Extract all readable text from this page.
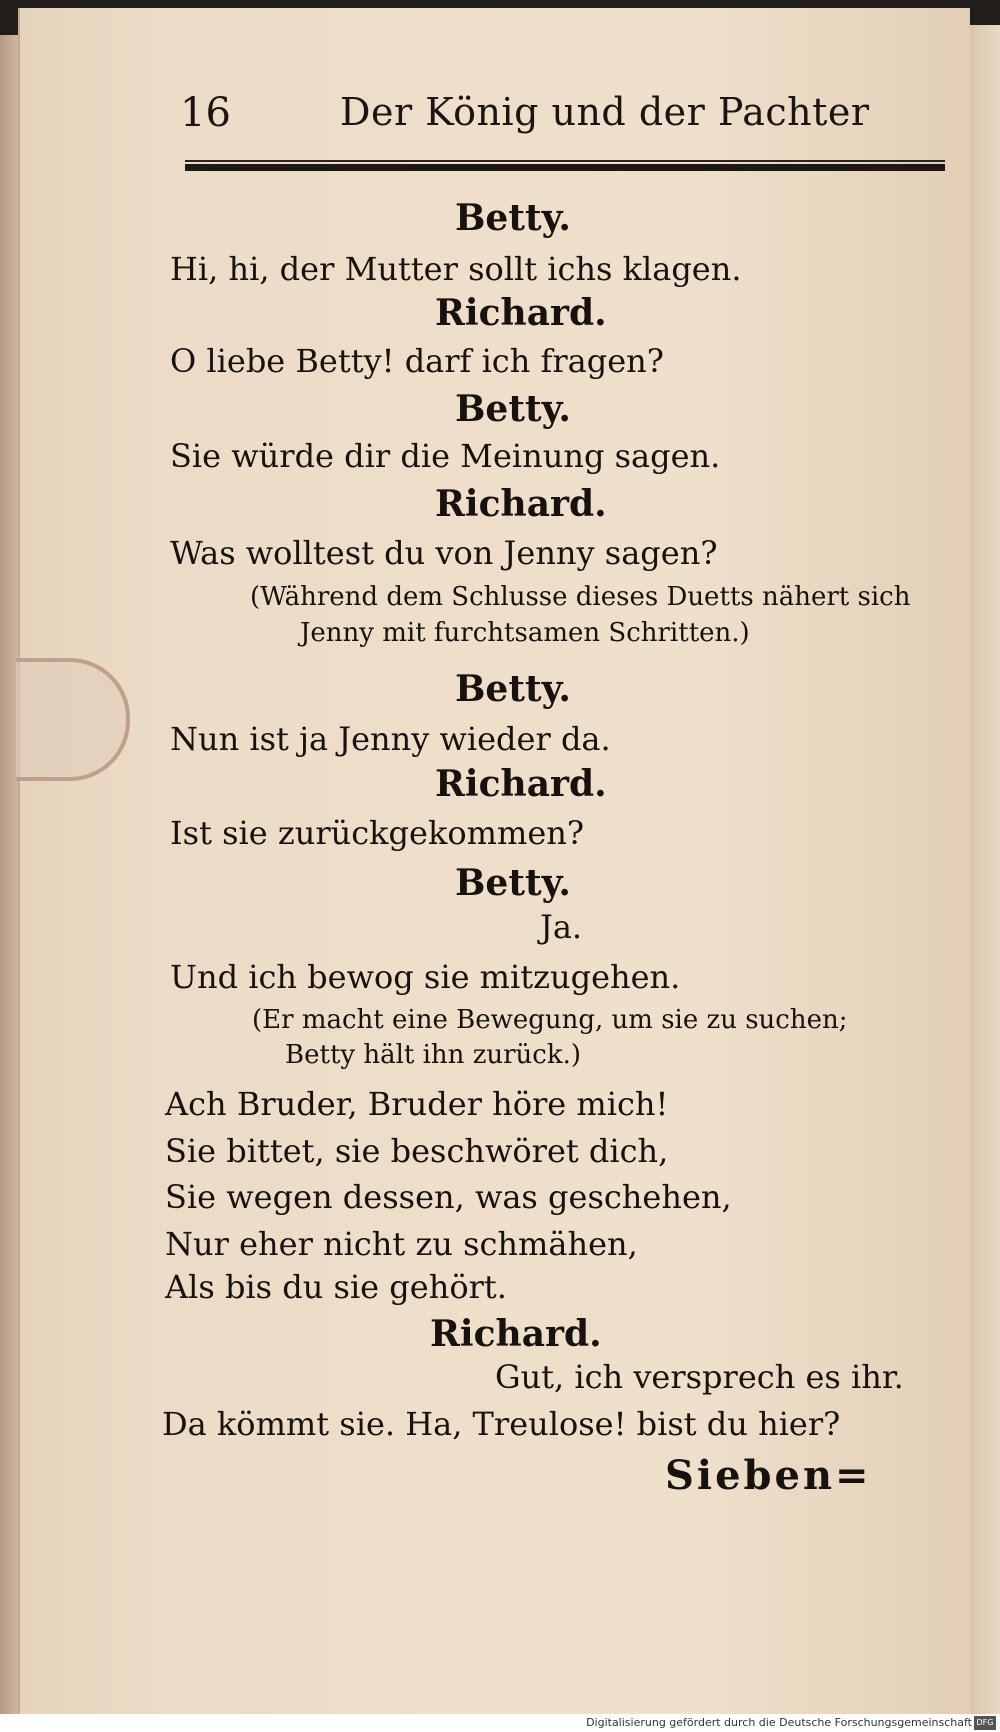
16	Der König und der Pachter
Betty.
Hi, hi, der Mutter sollt ichs klagen.
Richard.
O liebe Betty! darf ich fragen?
Betty.
Sie würde dir die Meinung sagen.
Richard.
Was wolltest du von Jenny sagen?
(Während dem Schlusse dieses Duetts nähert sich
Jenny mit furchtsamen Schritten.)
Betty.
Nun ist ja Jenny wieder da.
Richard.
Ist sie zurückgekommen?
Betty.
Ja.
Und ich bewog sie mitzugehen.
(Er macht eine Bewegung, um sie zu suchen;
Betty hält ihn zurück.)
Ach Bruder, Bruder höre mich!
Sie bittet, sie beschwöret dich,
Sie wegen dessen, was geschehen,
Nur eher nicht zu schmähen,
Als bis du sie gehört.
Richard.
Gut, ich versprech es ihr.
Da kömmt sie. Ha, Treulose! bist du hier?
Sieben=
Digitalisierung gefördert durch die Deutsche Forschungsgemeinschaft DFG
